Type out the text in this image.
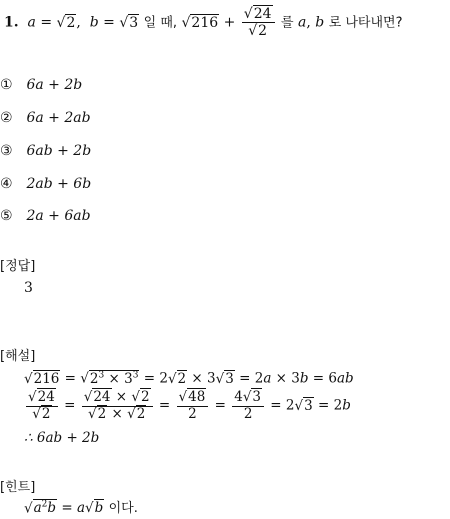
1. a = √2,  b = √3 일 때, $√216 + \frac{√24}{√2}$ 를 a, b 로 나타내면?
① 6a + 2b
② 6a + 2ab
③ 6ab + 2b
④ 2ab + 6b
⑤ 2a + 6ab
[정답]
3
[해설]
$√216 = √2^3 \times 3^3 = 2√2 \times 3√3 = 2a \times 3b = 6ab$
$\frac{√24}{√2} = \frac{√24 \times √2}{√2 \times √2} = \frac{√48}{2} = \frac{4√3}{2} = 2√3 = 2b$
∴ 6ab + 2b
[힌트]
$√a^2b = a√b$ 이다.
